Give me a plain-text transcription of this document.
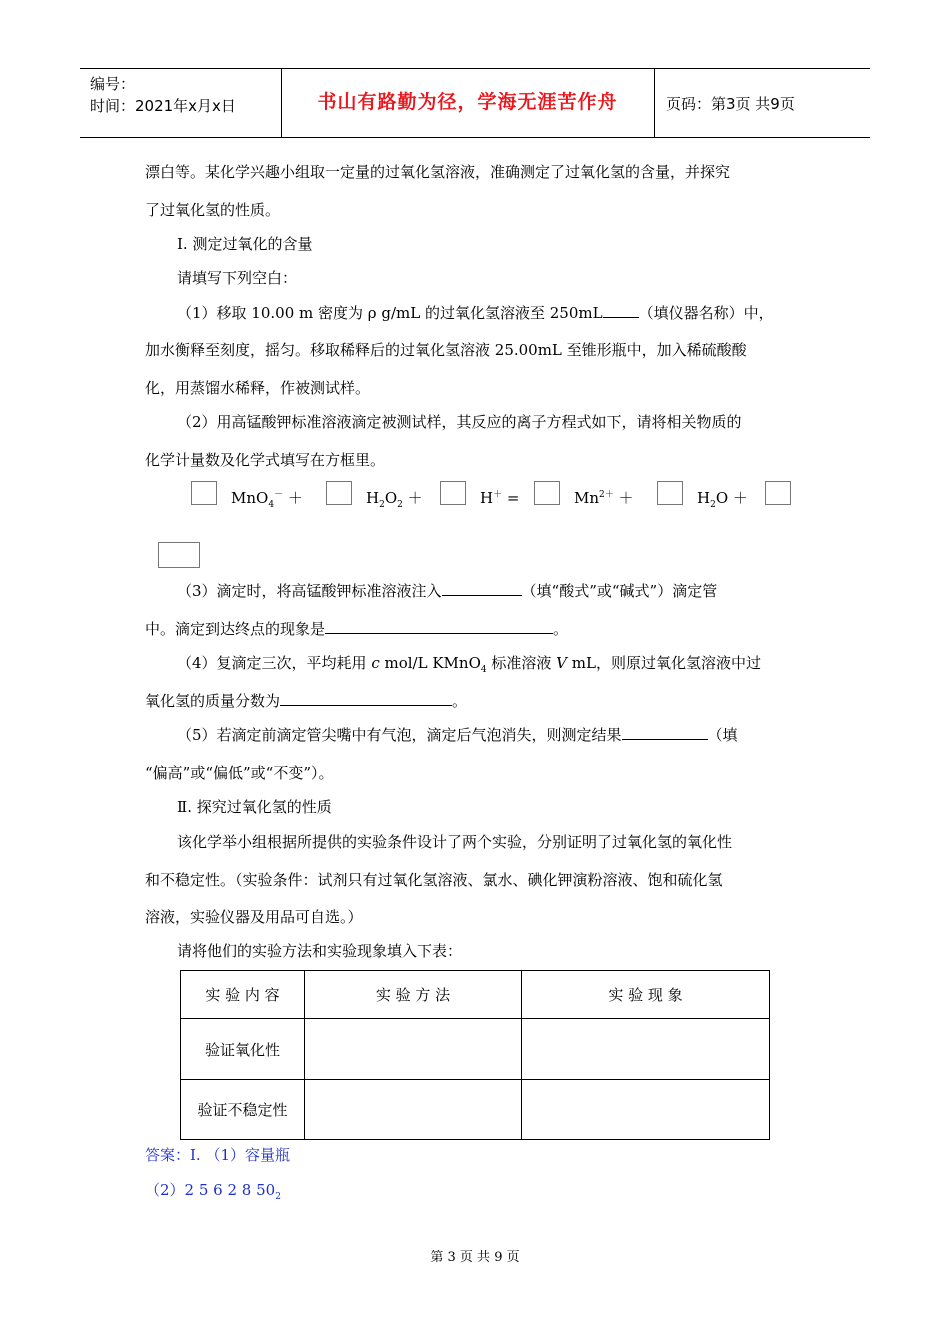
编号：
时间：2021年x月x日	书山有路勤为径，学海无涯苦作舟	页码：第3页 共9页
漂白等。某化学兴趣小组取一定量的过氧化氢溶液，准确测定了过氧化氢的含量，并探究
了过氧化氢的性质。
Ⅰ. 测定过氧化的含量
请填写下列空白：
（1）移取 10.00 m 密度为 ρ g/mL 的过氧化氢溶液至 250mL （填仪器名称）中，
加水衡释至刻度，摇匀。移取稀释后的过氧化氢溶液 25.00mL 至锥形瓶中，加入稀硫酸酸
化，用蒸馏水稀释，作被测试样。
（2）用高锰酸钾标准溶液滴定被测试样，其反应的离子方程式如下，请将相关物质的
化学计量数及化学式填写在方框里。
MnO$_4$－ ＋	$H_2O_2$ ＋	H＋ =	$Mn^{2+}$ ＋	$H_2O$ ＋
（3）滴定时，将高锰酸钾标准溶液注入	（填“酸式”或“碱式”）滴定管
中。滴定到达终点的现象是	。
（4）复滴定三次，平均耗用 c mol/L KMnO$_4$ 标准溶液 V mL，则原过氧化氢溶液中过
氧化氢的质量分数为	。
（5）若滴定前滴定管尖嘴中有气泡，滴定后气泡消失，则测定结果	（填
“偏高”或“偏低”或“不变”）。
Ⅱ. 探究过氧化氢的性质
该化学举小组根据所提供的实验条件设计了两个实验，分别证明了过氧化氢的氧化性
和不稳定性。（实验条件：试剂只有过氧化氢溶液、氯水、碘化钾演粉溶液、饱和硫化氢
溶液，实验仪器及用品可自选。）
请将他们的实验方法和实验现象填入下表：
实 验 内 容	实 验 方 法	实 验 现 象
验证氧化性		
验证不稳定性		
答案：I. （1）容量瓶
（2）2 5 6 2 8 $50_2$
第 3 页 共 9 页
